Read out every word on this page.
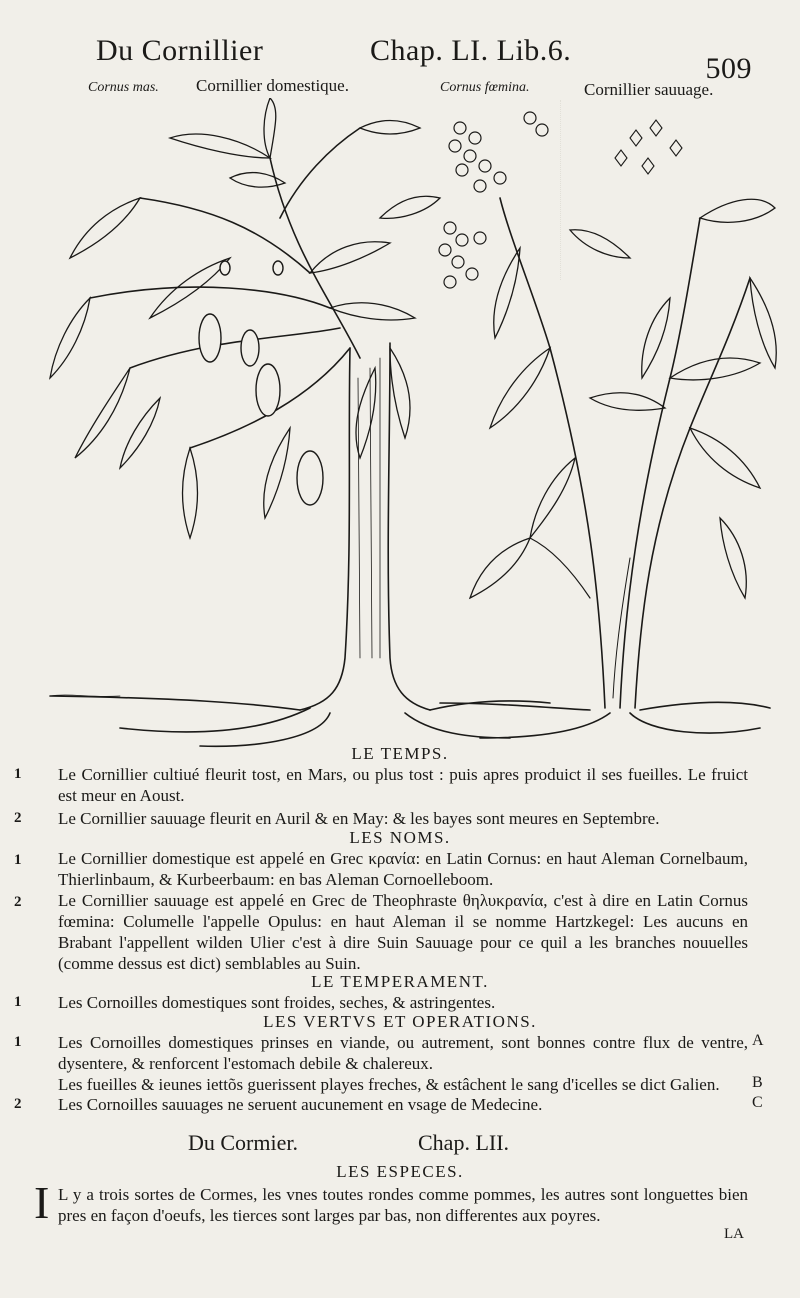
Du Cornillier	Chap. LI. Lib.6.
509
Cornus mas. Cornillier domestique.	Cornus fœmina.	Cornillier sauuage.
LE TEMPS.
1 Le Cornillier cultiué fleurit tost, en Mars, ou plus tost : puis apres produict il ses fueilles. Le fruict est meur en Aoust.
2 Le Cornillier sauuage fleurit en Auril & en May: & les bayes sont meures en Septembre.
LES NOMS.
1 Le Cornillier domestique est appelé en Grec κρανία: en Latin Cornus: en haut Aleman Cornelbaum, Thierlinbaum, & Kurbeerbaum: en bas Aleman Cornoelleboom.
2 Le Cornillier sauuage est appelé en Grec de Theophraste θηλυκρανία, c'est à dire en Latin Cornus fœmina: Columelle l'appelle Opulus: en haut Aleman il se nomme Hartzkegel: Les aucuns en Brabant l'appellent wilden Ulier c'est à dire Suin Sauuage pour ce quil a les branches nouuelles (comme dessus est dict) semblables au Suin.
LE TEMPERAMENT.
1 Les Cornoilles domestiques sont froides, seches, & astringentes.
LES VERTVS ET OPERATIONS.
1 Les Cornoilles domestiques prinses en viande, ou autrement, sont bonnes contre flux de ventre, dysentere, & renforcent l'estomach debile & chalereux.
A
Les fueilles & ieunes iettõs guerissent playes freches, & estâchent le sang d'icelles se dict Galien.	B
2 Les Cornoilles sauuages ne seruent aucunement en vsage de Medecine.	C
Du Cormier.	Chap. LII.
LES ESPECES.
I L y a trois sortes de Cormes, les vnes toutes rondes comme pommes, les autres sont longuettes bien pres en façon d'oeufs, les tierces sont larges par bas, non differentes aux poyres.
LA
